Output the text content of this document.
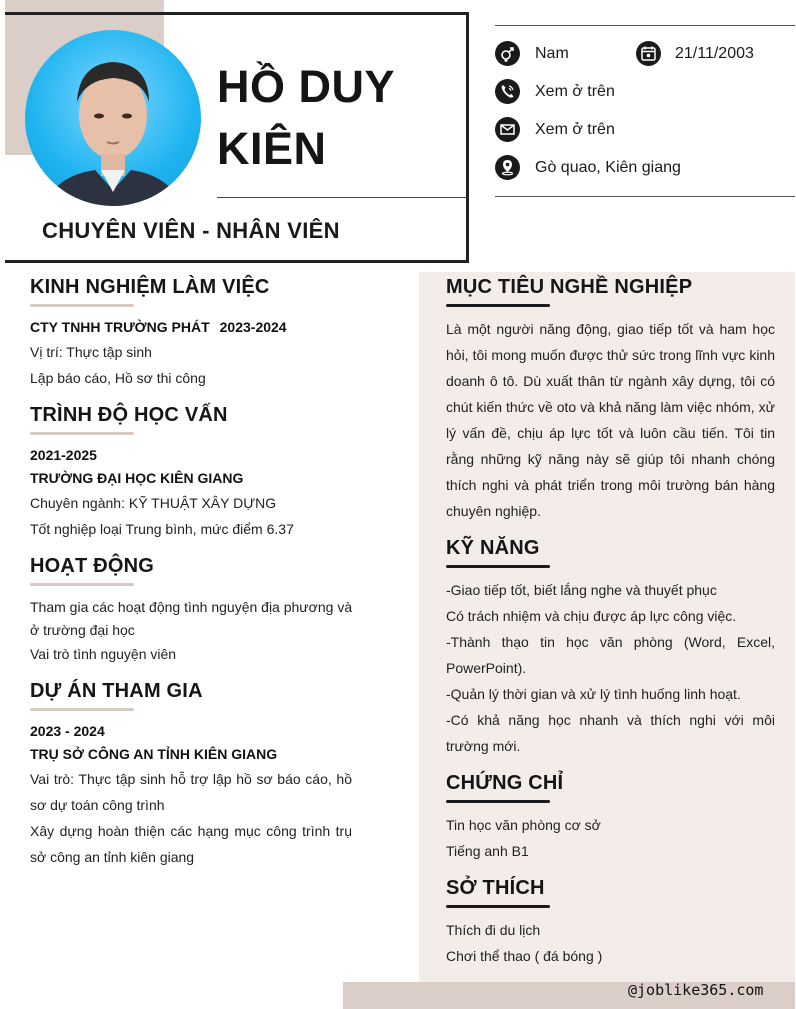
HỒ DUY
KIÊN
CHUYÊN VIÊN - NHÂN VIÊN
Nam	21/11/2003
Xem ở trên
Xem ở trên
Gò quao, Kiên giang
@joblike365.com
KINH NGHIỆM LÀM VIỆC
CTY TNHH TRƯỜNG PHÁT 2023-2024
Vị trí: Thực tập sinh
Lập báo cáo, Hồ sơ thi công
TRÌNH ĐỘ HỌC VẤN
2021-2025
TRƯỜNG ĐẠI HỌC KIÊN GIANG
Chuyên ngành: KỸ THUẬT XÂY DỰNG
Tốt nghiệp loại Trung bình, mức điểm 6.37
HOẠT ĐỘNG
Tham gia các hoạt động tình nguyện địa phương và
ở trường đại học
Vai trò tình nguyện viên
DỰ ÁN THAM GIA
2023 - 2024
TRỤ SỞ CÔNG AN TỈNH KIÊN GIANG
Vai trò: Thực tập sinh hỗ trợ lập hồ sơ báo cáo, hồ sơ dự toán công trình
Xây dựng hoàn thiện các hạng mục công trình trụ sở công an tỉnh kiên giang
MỤC TIÊU NGHỀ NGHIỆP
Là một người năng động, giao tiếp tốt và ham học hỏi, tôi mong muốn được thử sức trong lĩnh vực kinh doanh ô tô. Dù xuất thân từ ngành xây dựng, tôi có chút kiến thức về oto và khả năng làm việc nhóm, xử lý vấn đề, chịu áp lực tốt và luôn cầu tiến. Tôi tin rằng những kỹ năng này sẽ giúp tôi nhanh chóng thích nghi và phát triển trong môi trường bán hàng chuyên nghiệp.
KỸ NĂNG
-Giao tiếp tốt, biết lắng nghe và thuyết phục
Có trách nhiệm và chịu được áp lực công việc.
-Thành thạo tin học văn phòng (Word, Excel, PowerPoint).
-Quản lý thời gian và xử lý tình huống linh hoạt.
-Có khả năng học nhanh và thích nghi với môi trường mới.
CHỨNG CHỈ
Tin học văn phòng cơ sở
Tiếng anh B1
SỞ THÍCH
Thích đi du lịch
Chơi thể thao ( đá bóng )
